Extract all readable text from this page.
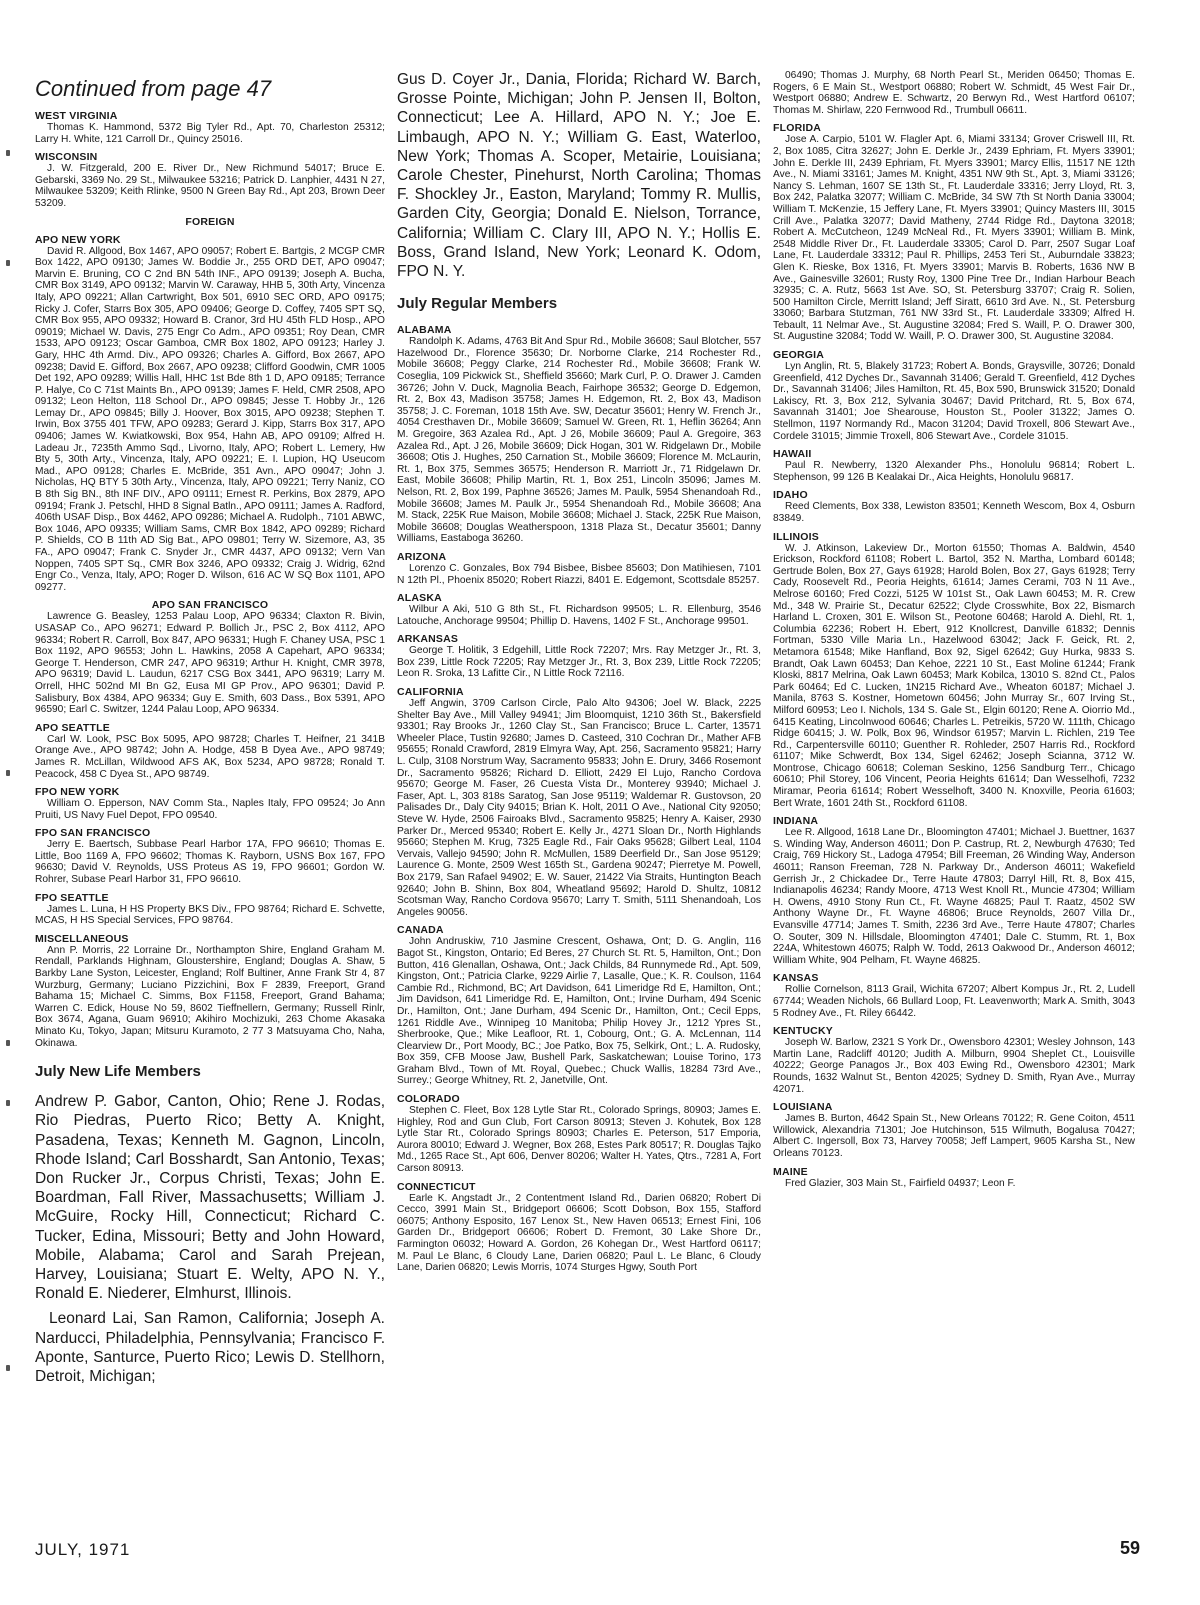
Continued from page 47
WEST VIRGINIA

Thomas K. Hammond, 5372 Big Tyler Rd., Apt. 70, Charleston 25312; Larry H. White, 121 Carroll Dr., Quincy 25016.

WISCONSIN

J. W. Fitzgerald, 200 E. River Dr., New Richmund 54017; Bruce E. Gebarski, 3369 No. 29 St., Milwaukee 53216; Patrick D. Lanphier, 4431 N 27, Milwaukee 53209; Keith Rlinke, 9500 N Green Bay Rd., Apt 203, Brown Deer 53209.

FOREIGN
APO NEW YORK

David R. Allgood, Box 1467, APO 09057; Robert E. Bartgis, 2 MCGP CMR Box 1422, APO 09130; James W. Boddie Jr., 255 ORD DET, APO 09047; Marvin E. Bruning, CO C 2nd BN 54th INF., APO 09139; Joseph A. Bucha, CMR Box 3149, APO 09132; Marvin W. Caraway, HHB 5, 30th Arty, Vincenza Italy, APO 09221; Allan Cartwright, Box 501, 6910 SEC ORD, APO 09175; Ricky J. Cofer, Starrs Box 305, APO 09406; George D. Coffey, 7405 SPT SQ, CMR Box 955, APO 09332; Howard B. Cranor, 3rd HU 45th FLD Hosp., APO 09019; Michael W. Davis, 275 Engr Co Adm., APO 09351; Roy Dean, CMR 1533, APO 09123; Oscar Gamboa, CMR Box 1802, APO 09123; Harley J. Gary, HHC 4th Armd. Div., APO 09326; Charles A. Gifford, Box 2667, APO 09238; David E. Gifford, Box 2667, APO 09238; Clifford Goodwin, CMR 1005 Det 192, APO 09289; Willis Hall, HHC 1st Bde 8th 1 D, APO 09185; Terrance P. Halye, Co C 71st Maints Bn., APO 09139; James F. Held, CMR 2508, APO 09132; Leon Helton, 118 School Dr., APO 09845; Jesse T. Hobby Jr., 126 Lemay Dr., APO 09845; Billy J. Hoover, Box 3015, APO 09238; Stephen T. Irwin, Box 3755 401 TFW, APO 09283; Gerard J. Kipp, Starrs Box 317, APO 09406; James W. Kwiatkowski, Box 954, Hahn AB, APO 09109; Alfred H. Ladeau Jr., 7235th Ammo Sqd., Livorno, Italy, APO; Robert L. Lemery, Hw Bty 5, 30th Arty., Vincenza, Italy, APO 09221; E. I. Lupion, HQ Useucom Mad., APO 09128; Charles E. McBride, 351 Avn., APO 09047; John J. Nicholas, HQ BTY 5 30th Arty., Vincenza, Italy, APO 09221; Terry Naniz, CO B 8th Sig BN., 8th INF DIV., APO 09111; Ernest R. Perkins, Box 2879, APO 09194; Frank J. Petschl, HHD 8 Signal Batln., APO 09111; James A. Radford, 406th USAF Disp., Box 4462, APO 09286; Michael A. Rudolph., 7101 ABWC, Box 1046, APO 09335; William Sams, CMR Box 1842, APO 09289; Richard P. Shields, CO B 11th AD Sig Bat., APO 09801; Terry W. Sizemore, A3, 35 FA., APO 09047; Frank C. Snyder Jr., CMR 4437, APO 09132; Vern Van Noppen, 7405 SPT Sq., CMR Box 3246, APO 09332; Craig J. Widrig, 62nd Engr Co., Venza, Italy, APO; Roger D. Wilson, 616 AC W SQ Box 1101, APO 09277.

APO SAN FRANCISCO

Lawrence G. Beasley, 1253 Palau Loop, APO 96334; Claxton R. Bivin, USASAP Co., APO 96271; Edward P. Bollich Jr., PSC 2, Box 4112, APO 96334; Robert R. Carroll, Box 847, APO 96331; Hugh F. Chaney USA, PSC 1 Box 1192, APO 96553; John L. Hawkins, 2058 A Capehart, APO 96334; George T. Henderson, CMR 247, APO 96319; Arthur H. Knight, CMR 3978, APO 96319; David L. Laudun, 6217 CSG Box 3441, APO 96319; Larry M. Orrell, HHC 502nd MI Bn G2, Eusa MI GP Prov., APO 96301; David P. Salisbury, Box 4384, APO 96334; Guy E. Smith, 603 Dass., Box 5391, APO 96590; Earl C. Switzer, 1244 Palau Loop, APO 96334.

APO SEATTLE

Carl W. Look, PSC Box 5095, APO 98728; Charles T. Heifner, 21 341B Orange Ave., APO 98742; John A. Hodge, 458 B Dyea Ave., APO 98749; James R. McLillan, Wildwood AFS AK, Box 5234, APO 98728; Ronald T. Peacock, 458 C Dyea St., APO 98749.

FPO NEW YORK

William O. Epperson, NAV Comm Sta., Naples Italy, FPO 09524; Jo Ann Pruiti, US Navy Fuel Depot, FPO 09540.

FPO SAN FRANCISCO

Jerry E. Baertsch, Subbase Pearl Harbor 17A, FPO 96610; Thomas E. Little, Boo 1169 A, FPO 96602; Thomas K. Rayborn, USNS Box 167, FPO 96630; David V. Reynolds, USS Proteus AS 19, FPO 96601; Gordon W. Rohrer, Subase Pearl Harbor 31, FPO 96610.

FPO SEATTLE

James L. Luna, H HS Property BKS Div., FPO 98764; Richard E. Schvette, MCAS, H HS Special Services, FPO 98764.

MISCELLANEOUS

Ann P. Morris, 22 Lorraine Dr., Northampton Shire, England Graham M. Rendall, Parklands Highnam, Gloustershire, England; Douglas A. Shaw, 5 Barkby Lane Syston, Leicester, England; Rolf Bultiner, Anne Frank Str 4, 87 Wurzburg, Germany; Luciano Pizzichini, Box F 2839, Freeport, Grand Bahama 15; Michael C. Simms, Box F1158, Freeport, Grand Bahama; Warren C. Edick, House No 59, 8602 Tieffnellern, Germany; Russell Rinlr, Box 3674, Agana, Guam 96910; Akihiro Mochizuki, 263 Chome Akasaka Minato Ku, Tokyo, Japan; Mitsuru Kuramoto, 2 77 3 Matsuyama Cho, Naha, Okinawa.

July New Life Members

Andrew P. Gabor, Canton, Ohio; Rene J. Rodas, Rio Piedras, Puerto Rico; Betty A. Knight, Pasadena, Texas; Kenneth M. Gagnon, Lincoln, Rhode Island; Carl Bosshardt, San Antonio, Texas; Don Rucker Jr., Corpus Christi, Texas; John E. Boardman, Fall River, Massachusetts; William J. McGuire, Rocky Hill, Connecticut; Richard C. Tucker, Edina, Missouri; Betty and John Howard, Mobile, Alabama; Carol and Sarah Prejean, Harvey, Louisiana; Stuart E. Welty, APO N. Y., Ronald E. Niederer, Elmhurst, Illinois.

Leonard Lai, San Ramon, California; Joseph A. Narducci, Philadelphia, Pennsylvania; Francisco F. Aponte, Santurce, Puerto Rico; Lewis D. Stellhorn, Detroit, Michigan;

Gus D. Coyer Jr., Dania, Florida; Richard W. Barch, Grosse Pointe, Michigan; John P. Jensen II, Bolton, Connecticut; Lee A. Hillard, APO N. Y.; Joe E. Limbaugh, APO N. Y.; William G. East, Waterloo, New York; Thomas A. Scoper, Metairie, Louisiana; Carole Chester, Pinehurst, North Carolina; Thomas F. Shockley Jr., Easton, Maryland; Tommy R. Mullis, Garden City, Georgia; Donald E. Nielson, Torrance, California; William C. Clary III, APO N. Y.; Hollis E. Boss, Grand Island, New York; Leonard K. Odom, FPO N. Y.

July Regular Members
ALABAMA

Randolph K. Adams, 4763 Bit And Spur Rd., Mobile 36608; Saul Blotcher, 557 Hazelwood Dr., Florence 35630; Dr. Norborne Clarke, 214 Rochester Rd., Mobile 36608; Peggy Clarke, 214 Rochester Rd., Mobile 36608; Frank W. Coseglia, 109 Pickwick St., Sheffield 35660; Mark Curl, P. O. Drawer J. Camden 36726; John V. Duck, Magnolia Beach, Fairhope 36532; George D. Edgemon, Rt. 2, Box 43, Madison 35758; James H. Edgemon, Rt. 2, Box 43, Madison 35758; J. C. Foreman, 1018 15th Ave. SW, Decatur 35601; Henry W. French Jr., 4054 Cresthaven Dr., Mobile 36609; Samuel W. Green, Rt. 1, Heflin 36264; Ann M. Gregoire, 363 Azalea Rd., Apt. J 26, Mobile 36609; Paul A. Gregoire, 363 Azalea Rd., Apt. J 26, Mobile 36609; Dick Hogan, 301 W. Ridgelawn Dr., Mobile 36608; Otis J. Hughes, 250 Carnation St., Mobile 36609; Florence M. McLaurin, Rt. 1, Box 375, Semmes 36575; Henderson R. Marriott Jr., 71 Ridgelawn Dr. East, Mobile 36608; Philip Martin, Rt. 1, Box 251, Lincoln 35096; James M. Nelson, Rt. 2, Box 199, Paphne 36526; James M. Paulk, 5954 Shenandoah Rd., Mobile 36608; James M. Paulk Jr., 5954 Shenandoah Rd., Mobile 36608; Ana M. Stack, 225K Rue Maison, Mobile 36608; Michael J. Stack, 225K Rue Maison, Mobile 36608; Douglas Weatherspoon, 1318 Plaza St., Decatur 35601; Danny Williams, Eastaboga 36260.

ARIZONA

Lorenzo C. Gonzales, Box 794 Bisbee, Bisbee 85603; Don Matihiesen, 7101 N 12th Pl., Phoenix 85020; Robert Riazzi, 8401 E. Edgemont, Scottsdale 85257.

ALASKA

Wilbur A Aki, 510 G 8th St., Ft. Richardson 99505; L. R. Ellenburg, 3546 Latouche, Anchorage 99504; Phillip D. Havens, 1402 F St., Anchorage 99501.

ARKANSAS

George T. Holitik, 3 Edgehill, Little Rock 72207; Mrs. Ray Metzger Jr., Rt. 3, Box 239, Little Rock 72205; Ray Metzger Jr., Rt. 3, Box 239, Little Rock 72205; Leon R. Sroka, 13 Lafitte Cir., N Little Rock 72116.

CALIFORNIA

Jeff Angwin, 3709 Carlson Circle, Palo Alto 94306; Joel W. Black, 2225 Shelter Bay Ave., Mill Valley 94941; Jim Bloomquist, 1210 36th St., Bakersfield 93301; Ray Brooks Jr., 1260 Clay St., San Francisco; Bruce L. Carter, 13571 Wheeler Place, Tustin 92680; James D. Casteed, 310 Cochran Dr., Mather AFB 95655; Ronald Crawford, 2819 Elmyra Way, Apt. 256, Sacramento 95821; Harry L. Culp, 3108 Norstrum Way, Sacramento 95833; John E. Drury, 3466 Rosemont Dr., Sacramento 95826; Richard D. Elliott, 2429 El Lujo, Rancho Cordova 95670; George M. Faser, 26 Cuesta Vista Dr., Monterey 93940; Michael J. Faser, Apt. L, 303 818s Saratog, San Jose 95119; Waldemar R. Gustovson, 20 Palisades Dr., Daly City 94015; Brian K. Holt, 2011 O Ave., National City 92050; Steve W. Hyde, 2506 Fairoaks Blvd., Sacramento 95825; Henry A. Kaiser, 2930 Parker Dr., Merced 95340; Robert E. Kelly Jr., 4271 Sloan Dr., North Highlands 95660; Stephen M. Krug, 7325 Eagle Rd., Fair Oaks 95628; Gilbert Leal, 1104 Vervais, Vallejo 94590; John R. McMullen, 1589 Deerfield Dr., San Jose 95129; Laurence G. Monte, 2509 West 165th St., Gardena 90247; Pierretye M. Powell, Box 2179, San Rafael 94902; E. W. Sauer, 21422 Via Straits, Huntington Beach 92640; John B. Shinn, Box 804, Wheatland 95692; Harold D. Shultz, 10812 Scotsman Way, Rancho Cordova 95670; Larry T. Smith, 5111 Shenandoah, Los Angeles 90056.

CANADA

John Andruskiw, 710 Jasmine Crescent, Oshawa, Ont; D. G. Anglin, 116 Bagot St., Kingston, Ontario; Ed Beres, 27 Church St. Rt. 5, Hamilton, Ont.; Don Button, 416 Glenallan, Oshawa, Ont.; Jack Childs, 84 Runnymede Rd., Apt. 509, Kingston, Ont.; Patricia Clarke, 9229 Airlie 7, Lasalle, Que.; K. R. Coulson, 1164 Cambie Rd., Richmond, BC; Art Davidson, 641 Limeridge Rd E, Hamilton, Ont.; Jim Davidson, 641 Limeridge Rd. E, Hamilton, Ont.; Irvine Durham, 494 Scenic Dr., Hamilton, Ont.; Jane Durham, 494 Scenic Dr., Hamilton, Ont.; Cecil Epps, 1261 Riddle Ave., Winnipeg 10 Manitoba; Philip Hovey Jr., 1212 Ypres St., Sherbrooke, Que.; Mike Leafloor, Rt. 1, Cobourg, Ont.; G. A. McLennan, 114 Clearview Dr., Port Moody, BC.; Joe Patko, Box 75, Selkirk, Ont.; L. A. Rudosky, Box 359, CFB Moose Jaw, Bushell Park, Saskatchewan; Louise Torino, 173 Graham Blvd., Town of Mt. Royal, Quebec.; Chuck Wallis, 18284 73rd Ave., Surrey.; George Whitney, Rt. 2, Janetville, Ont.

COLORADO

Stephen C. Fleet, Box 128 Lytle Star Rt., Colorado Springs, 80903; James E. Highley, Rod and Gun Club, Fort Carson 80913; Steven J. Kohutek, Box 128 Lytle Star Rt., Colorado Springs 80903; Charles E. Peterson, 517 Emporia, Aurora 80010; Edward J. Wegner, Box 268, Estes Park 80517; R. Douglas Tajko Md., 1265 Race St., Apt 606, Denver 80206; Walter H. Yates, Qtrs., 7281 A, Fort Carson 80913.

CONNECTICUT

Earle K. Angstadt Jr., 2 Contentment Island Rd., Darien 06820; Robert Di Cecco, 3991 Main St., Bridgeport 06606; Scott Dobson, Box 155, Stafford 06075; Anthony Esposito, 167 Lenox St., New Haven 06513; Ernest Fini, 106 Garden Dr., Bridgeport 06606; Robert D. Fremont, 30 Lake Shore Dr., Farmington 06032; Howard A. Gordon, 26 Kohegan Dr., West Hartford 06117; M. Paul Le Blanc, 6 Cloudy Lane, Darien 06820; Paul L. Le Blanc, 6 Cloudy Lane, Darien 06820; Lewis Morris, 1074 Sturges Hgwy, South Port

06490; Thomas J. Murphy, 68 North Pearl St., Meriden 06450; Thomas E. Rogers, 6 E Main St., Westport 06880; Robert W. Schmidt, 45 West Fair Dr., Westport 06880; Andrew E. Schwartz, 20 Berwyn Rd., West Hartford 06107; Thomas M. Shirlaw, 220 Fernwood Rd., Trumbull 06611.

FLORIDA

Jose A. Carpio, 5101 W. Flagler Apt. 6, Miami 33134; Grover Criswell III, Rt. 2, Box 1085, Citra 32627; John E. Derkle Jr., 2439 Ephriam, Ft. Myers 33901; John E. Derkle III, 2439 Ephriam, Ft. Myers 33901; Marcy Ellis, 11517 NE 12th Ave., N. Miami 33161; James M. Knight, 4351 NW 9th St., Apt. 3, Miami 33126; Nancy S. Lehman, 1607 SE 13th St., Ft. Lauderdale 33316; Jerry Lloyd, Rt. 3, Box 242, Palatka 32077; William C. McBride, 34 SW 7th St North Dania 33004; William T. McKenzie, 15 Jeffery Lane, Ft. Myers 33901; Quincy Masters III, 3015 Crill Ave., Palatka 32077; David Matheny, 2744 Ridge Rd., Daytona 32018; Robert A. McCutcheon, 1249 McNeal Rd., Ft. Myers 33901; William B. Mink, 2548 Middle River Dr., Ft. Lauderdale 33305; Carol D. Parr, 2507 Sugar Loaf Lane, Ft. Lauderdale 33312; Paul R. Phillips, 2453 Teri St., Auburndale 33823; Glen K. Rieske, Box 1316, Ft. Myers 33901; Marvis B. Roberts, 1636 NW B Ave., Gainesville 32601; Rusty Roy, 1300 Pine Tree Dr., Indian Harbour Beach 32935; C. A. Rutz, 5663 1st Ave. SO, St. Petersburg 33707; Craig R. Solien, 500 Hamilton Circle, Merritt Island; Jeff Siratt, 6610 3rd Ave. N., St. Petersburg 33060; Barbara Stutzman, 761 NW 33rd St., Ft. Lauderdale 33309; Alfred H. Tebault, 11 Nelmar Ave., St. Augustine 32084; Fred S. Waill, P. O. Drawer 300, St. Augustine 32084; Todd W. Waill, P. O. Drawer 300, St. Augustine 32084.

GEORGIA

Lyn Anglin, Rt. 5, Blakely 31723; Robert A. Bonds, Graysville, 30726; Donald Greenfield, 412 Dyches Dr., Savannah 31406; Gerald T. Greenfield, 412 Dyches Dr., Savannah 31406; Jiles Hamilton, Rt. 45, Box 590, Brunswick 31520; Donald Lakiscy, Rt. 3, Box 212, Sylvania 30467; David Pritchard, Rt. 5, Box 674, Savannah 31401; Joe Shearouse, Houston St., Pooler 31322; James O. Stellmon, 1197 Normandy Rd., Macon 31204; David Troxell, 806 Stewart Ave., Cordele 31015; Jimmie Troxell, 806 Stewart Ave., Cordele 31015.

HAWAII

Paul R. Newberry, 1320 Alexander Phs., Honolulu 96814; Robert L. Stephenson, 99 126 B Kealakai Dr., Aica Heights, Honolulu 96817.

IDAHO

Reed Clements, Box 338, Lewiston 83501; Kenneth Wescom, Box 4, Osburn 83849.

ILLINOIS

W. J. Atkinson, Lakeview Dr., Morton 61550; Thomas A. Baldwin, 4540 Erickson, Rockford 61108; Robert L. Bartol, 352 N. Martha, Lombard 60148; Gertrude Bolen, Box 27, Gays 61928; Harold Bolen, Box 27, Gays 61928; Terry Cady, Roosevelt Rd., Peoria Heights, 61614; James Cerami, 703 N 11 Ave., Melrose 60160; Fred Cozzi, 5125 W 101st St., Oak Lawn 60453; M. R. Crew Md., 348 W. Prairie St., Decatur 62522; Clyde Crosswhite, Box 22, Bismarch Harland L. Croxen, 301 E. Wilson St., Peotone 60468; Harold A. Diehl, Rt. 1, Columbia 62236; Robert H. Ebert, 912 Knollcrest, Danville 61832; Dennis Fortman, 5330 Ville Maria Ln., Hazelwood 63042; Jack F. Geick, Rt. 2, Metamora 61548; Mike Hanfland, Box 92, Sigel 62642; Guy Hurka, 9833 S. Brandt, Oak Lawn 60453; Dan Kehoe, 2221 10 St., East Moline 61244; Frank Kloski, 8817 Melrina, Oak Lawn 60453; Mark Kobilca, 13010 S. 82nd Ct., Palos Park 60464; Ed C. Lucken, 1N215 Richard Ave., Wheaton 60187; Michael J. Manila, 8763 S. Kostner, Hometown 60456; John Murray Sr., 607 Irving St., Milford 60953; Leo I. Nichols, 134 S. Gale St., Elgin 60120; Rene A. Oiorrio Md., 6415 Keating, Lincolnwood 60646; Charles L. Petreikis, 5720 W. 111th, Chicago Ridge 60415; J. W. Polk, Box 96, Windsor 61957; Marvin L. Richlen, 219 Tee Rd., Carpentersville 60110; Guenther R. Rohleder, 2507 Harris Rd., Rockford 61107; Mike Schwerdt, Box 134, Sigel 62462; Joseph Scianna, 3712 W. Montrose, Chicago 60618; Coleman Seskino, 1256 Sandburg Terr., Chicago 60610; Phil Storey, 106 Vincent, Peoria Heights 61614; Dan Wesselhofi, 7232 Miramar, Peoria 61614; Robert Wesselhoft, 3400 N. Knoxville, Peoria 61603; Bert Wrate, 1601 24th St., Rockford 61108.

INDIANA

Lee R. Allgood, 1618 Lane Dr., Bloomington 47401; Michael J. Buettner, 1637 S. Winding Way, Anderson 46011; Don P. Castrup, Rt. 2, Newburgh 47630; Ted Craig, 769 Hickory St., Ladoga 47954; Bill Freeman, 26 Winding Way, Anderson 46011; Ranson Freeman, 728 N. Parkway Dr., Anderson 46011; Wakefield Gerrish Jr., 2 Chickadee Dr., Terre Haute 47803; Darryl Hill, Rt. 8, Box 415, Indianapolis 46234; Randy Moore, 4713 West Knoll Rt., Muncie 47304; William H. Owens, 4910 Stony Run Ct., Ft. Wayne 46825; Paul T. Raatz, 4502 SW Anthony Wayne Dr., Ft. Wayne 46806; Bruce Reynolds, 2607 Villa Dr., Evansville 47714; James T. Smith, 2236 3rd Ave., Terre Haute 47807; Charles O. Souter, 309 N. Hillsdale, Bloomington 47401; Dale C. Stumm, Rt. 1, Box 224A, Whitestown 46075; Ralph W. Todd, 2613 Oakwood Dr., Anderson 46012; William White, 904 Pelham, Ft. Wayne 46825.

KANSAS

Rollie Cornelson, 8113 Grail, Wichita 67207; Albert Kompus Jr., Rt. 2, Ludell 67744; Weaden Nichols, 66 Bullard Loop, Ft. Leavenworth; Mark A. Smith, 3043 5 Rodney Ave., Ft. Riley 66442.

KENTUCKY

Joseph W. Barlow, 2321 S York Dr., Owensboro 42301; Wesley Johnson, 143 Martin Lane, Radcliff 40120; Judith A. Milburn, 9904 Sheplet Ct., Louisville 40222; George Panagos Jr., Box 403 Ewing Rd., Owensboro 42301; Mark Rounds, 1632 Walnut St., Benton 42025; Sydney D. Smith, Ryan Ave., Murray 42071.

LOUISIANA

James B. Burton, 4642 Spain St., New Orleans 70122; R. Gene Coiton, 4511 Willowick, Alexandria 71301; Joe Hutchinson, 515 Wilmuth, Bogalusa 70427; Albert C. Ingersoll, Box 73, Harvey 70058; Jeff Lampert, 9605 Karsha St., New Orleans 70123.

MAINE

Fred Glazier, 303 Main St., Fairfield 04937; Leon F.

JULY, 1971	59
